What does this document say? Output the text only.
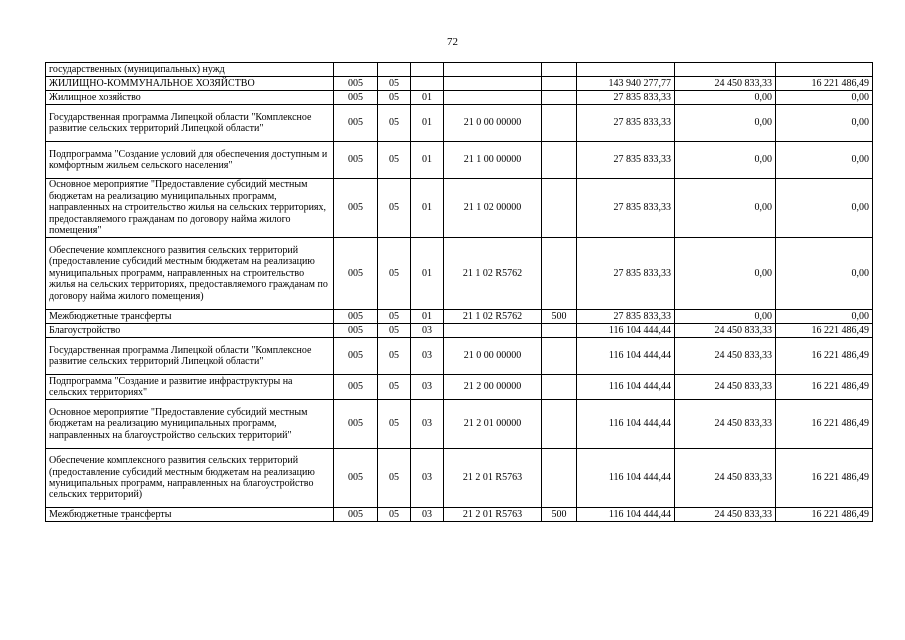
72
государственных (муниципальных) нужд								
ЖИЛИЩНО-КОММУНАЛЬНОЕ ХОЗЯЙСТВО	005	05				143 940 277,77	24 450 833,33	16 221 486,49
Жилищное хозяйство	005	05	01			27 835 833,33	0,00	0,00
Государственная программа Липецкой области "Комплексное развитие сельских территорий Липецкой области"	005	05	01	21 0 00 00000		27 835 833,33	0,00	0,00
Подпрограмма "Создание условий для обеспечения доступным и комфортным жильем сельского населения"	005	05	01	21 1 00 00000		27 835 833,33	0,00	0,00
Основное мероприятие "Предоставление субсидий местным бюджетам на реализацию муниципальных программ, направленных на строительство жилья на сельских территориях, предоставляемого гражданам по договору найма жилого помещения"	005	05	01	21 1 02 00000		27 835 833,33	0,00	0,00
Обеспечение комплексного развития сельских территорий (предоставление субсидий местным бюджетам на реализацию муниципальных программ, направленных на строительство жилья на сельских территориях, предоставляемого гражданам по договору найма жилого помещения)	005	05	01	21 1 02 R5762		27 835 833,33	0,00	0,00
Межбюджетные трансферты	005	05	01	21 1 02 R5762	500	27 835 833,33	0,00	0,00
Благоустройство	005	05	03			116 104 444,44	24 450 833,33	16 221 486,49
Государственная программа Липецкой области "Комплексное развитие сельских территорий Липецкой области"	005	05	03	21 0 00 00000		116 104 444,44	24 450 833,33	16 221 486,49
Подпрограмма "Создание и развитие инфраструктуры на сельских территориях"	005	05	03	21 2 00 00000		116 104 444,44	24 450 833,33	16 221 486,49
Основное мероприятие "Предоставление субсидий местным бюджетам на реализацию муниципальных программ, направленных на благоустройство сельских территорий"	005	05	03	21 2 01 00000		116 104 444,44	24 450 833,33	16 221 486,49
Обеспечение комплексного развития сельских территорий (предоставление субсидий местным бюджетам на реализацию муниципальных программ, направленных на благоустройство сельских территорий)	005	05	03	21 2 01 R5763		116 104 444,44	24 450 833,33	16 221 486,49
Межбюджетные трансферты	005	05	03	21 2 01 R5763	500	116 104 444,44	24 450 833,33	16 221 486,49
